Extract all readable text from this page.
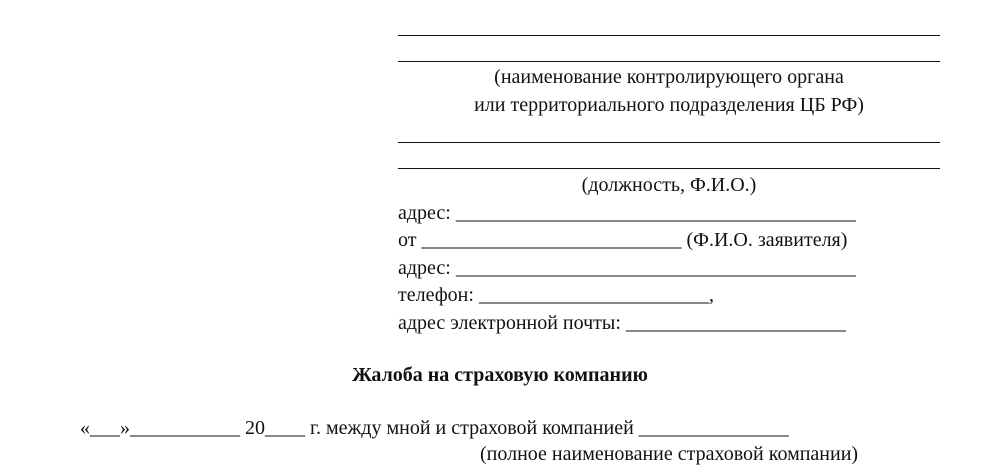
(наименование контролирующего органа
или территориального подразделения ЦБ РФ)
(должность, Ф.И.О.)
адрес: ________________________________________
от __________________________ (Ф.И.О. заявителя)
адрес: ________________________________________
телефон: _______________________,
адрес электронной почты: ______________________
Жалоба на страховую компанию
«___»___________ 20____ г. между мной и страховой компанией _______________
(полное наименование страховой компании)
